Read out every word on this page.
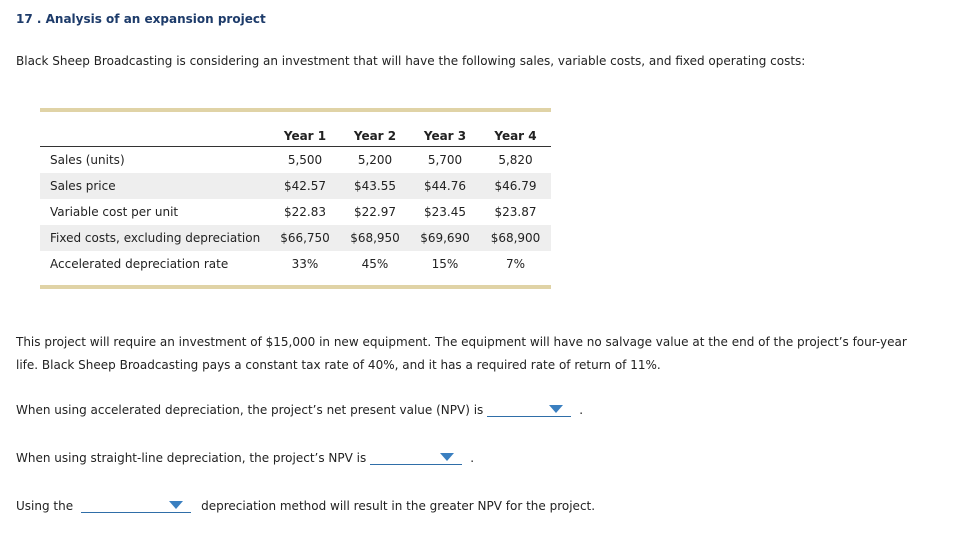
17 . Analysis of an expansion project
Black Sheep Broadcasting is considering an investment that will have the following sales, variable costs, and fixed operating costs:

	Year 1	Year 2	Year 3	Year 4
Sales (units)	5,500	5,200	5,700	5,820
Sales price	$42.57	$43.55	$44.76	$46.79
Variable cost per unit	$22.83	$22.97	$23.45	$23.87
Fixed costs, excluding depreciation	$66,750	$68,950	$69,690	$68,900
Accelerated depreciation rate	33%	45%	15%	7%

This project will require an investment of $15,000 in new equipment. The equipment will have no salvage value at the end of the project’s four-year
life. Black Sheep Broadcasting pays a constant tax rate of 40%, and it has a required rate of return of 11%.
When using accelerated depreciation, the project’s net present value (NPV) is	.
When using straight-line depreciation, the project’s NPV is	.
Using the	depreciation method will result in the greater NPV for the project.
